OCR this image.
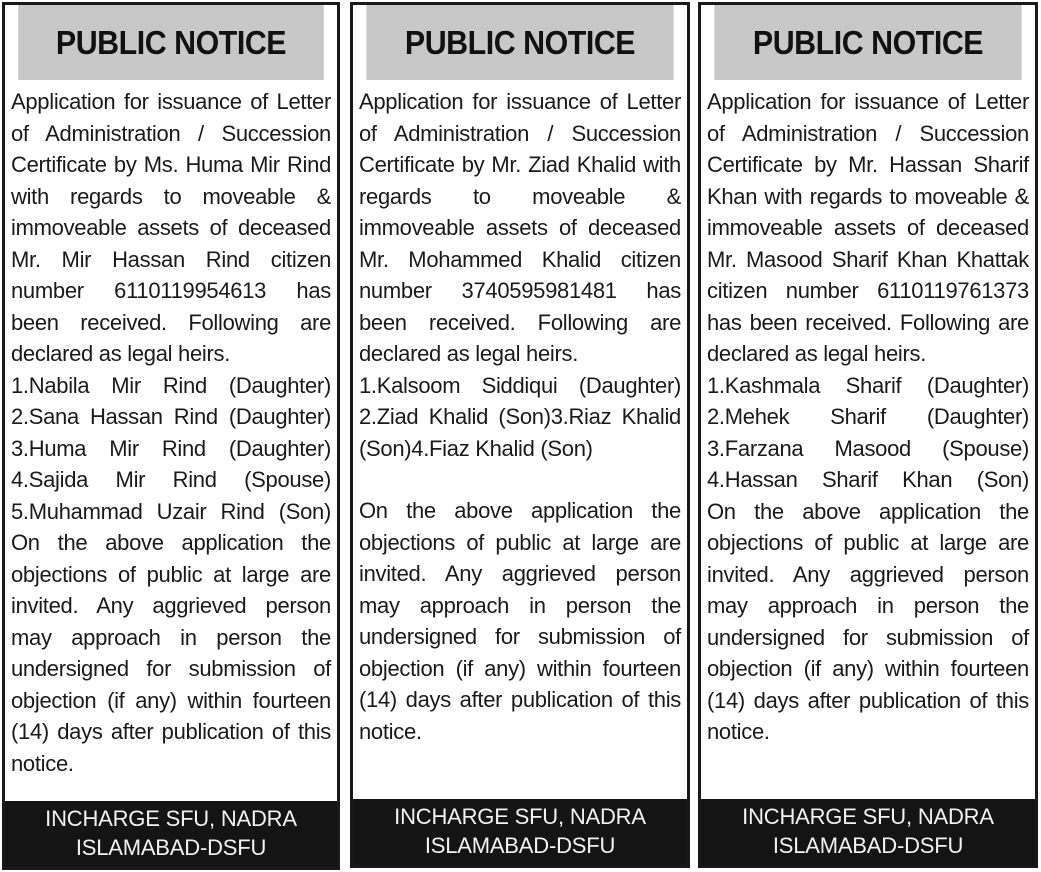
PUBLIC NOTICE

Application for issuance of Letter of Administration / Succession Certificate by Ms. Huma Mir Rind with regards to moveable & immoveable assets of deceased Mr. Mir Hassan Rind citizen number 6110119954613 has been received. Following are declared as legal heirs.

1.Nabila Mir Rind (Daughter)
2.Sana Hassan Rind (Daughter)
3.Huma Mir Rind (Daughter)
4.Sajida Mir Rind (Spouse)
5.Muhammad Uzair Rind (Son)

On the above application the objections of public at large are invited. Any aggrieved person may approach in person the undersigned for submission of objection (if any) within fourteen (14) days after publication of this notice.

INCHARGE SFU, NADRA
ISLAMABAD-DSFU
PUBLIC NOTICE

Application for issuance of Letter of Administration / Succession Certificate by Mr. Ziad Khalid with regards to moveable & immoveable assets of deceased Mr. Mohammed Khalid citizen number 3740595981481 has been received. Following are declared as legal heirs.

1.Kalsoom Siddiqui (Daughter) 2.Ziad Khalid (Son)3.Riaz Khalid (Son)4.Fiaz Khalid (Son)

On the above application the objections of public at large are invited. Any aggrieved person may approach in person the undersigned for submission of objection (if any) within fourteen (14) days after publication of this notice.

INCHARGE SFU, NADRA
ISLAMABAD-DSFU
PUBLIC NOTICE

Application for issuance of Letter of Administration / Succession Certificate by Mr. Hassan Sharif Khan with regards to moveable & immoveable assets of deceased Mr. Masood Sharif Khan Khattak citizen number 6110119761373 has been received. Following are declared as legal heirs.

1.Kashmala Sharif (Daughter)
2.Mehek Sharif (Daughter)
3.Farzana Masood (Spouse)
4.Hassan Sharif Khan (Son)

On the above application the objections of public at large are invited. Any aggrieved person may approach in person the undersigned for submission of objection (if any) within fourteen (14) days after publication of this notice.

INCHARGE SFU, NADRA
ISLAMABAD-DSFU
